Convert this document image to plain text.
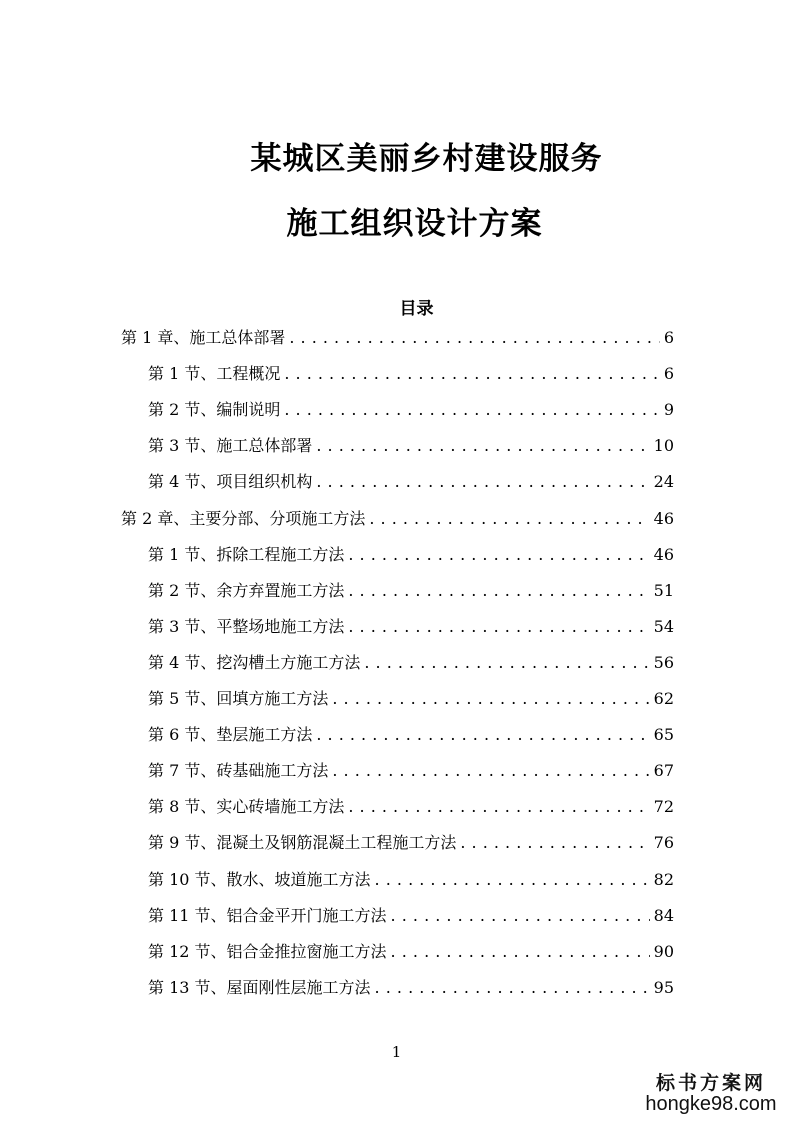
某城区美丽乡村建设服务
施工组织设计方案
目录
第 1 章、施工总体部署 . . .	6
第 1 节、工程概况 . . .	6
第 2 节、编制说明 . . .	9
第 3 节、施工总体部署 . . .	10
第 4 节、项目组织机构 . . .	24
第 2 章、主要分部、分项施工方法 . . .	46
第 1 节、拆除工程施工方法 . . .	46
第 2 节、余方弃置施工方法 . . .	51
第 3 节、平整场地施工方法 . . .	54
第 4 节、挖沟槽土方施工方法 . . .	56
第 5 节、回填方施工方法 . . .	62
第 6 节、垫层施工方法 . . .	65
第 7 节、砖基础施工方法 . . .	67
第 8 节、实心砖墙施工方法 . . .	72
第 9 节、混凝土及钢筋混凝土工程施工方法 . . .	76
第 10 节、散水、坡道施工方法 . . .	82
第 11 节、铝合金平开门施工方法 . . .	84
第 12 节、铝合金推拉窗施工方法 . . .	90
第 13 节、屋面刚性层施工方法 . . .	95
1
标书方案网
hongke98.com
